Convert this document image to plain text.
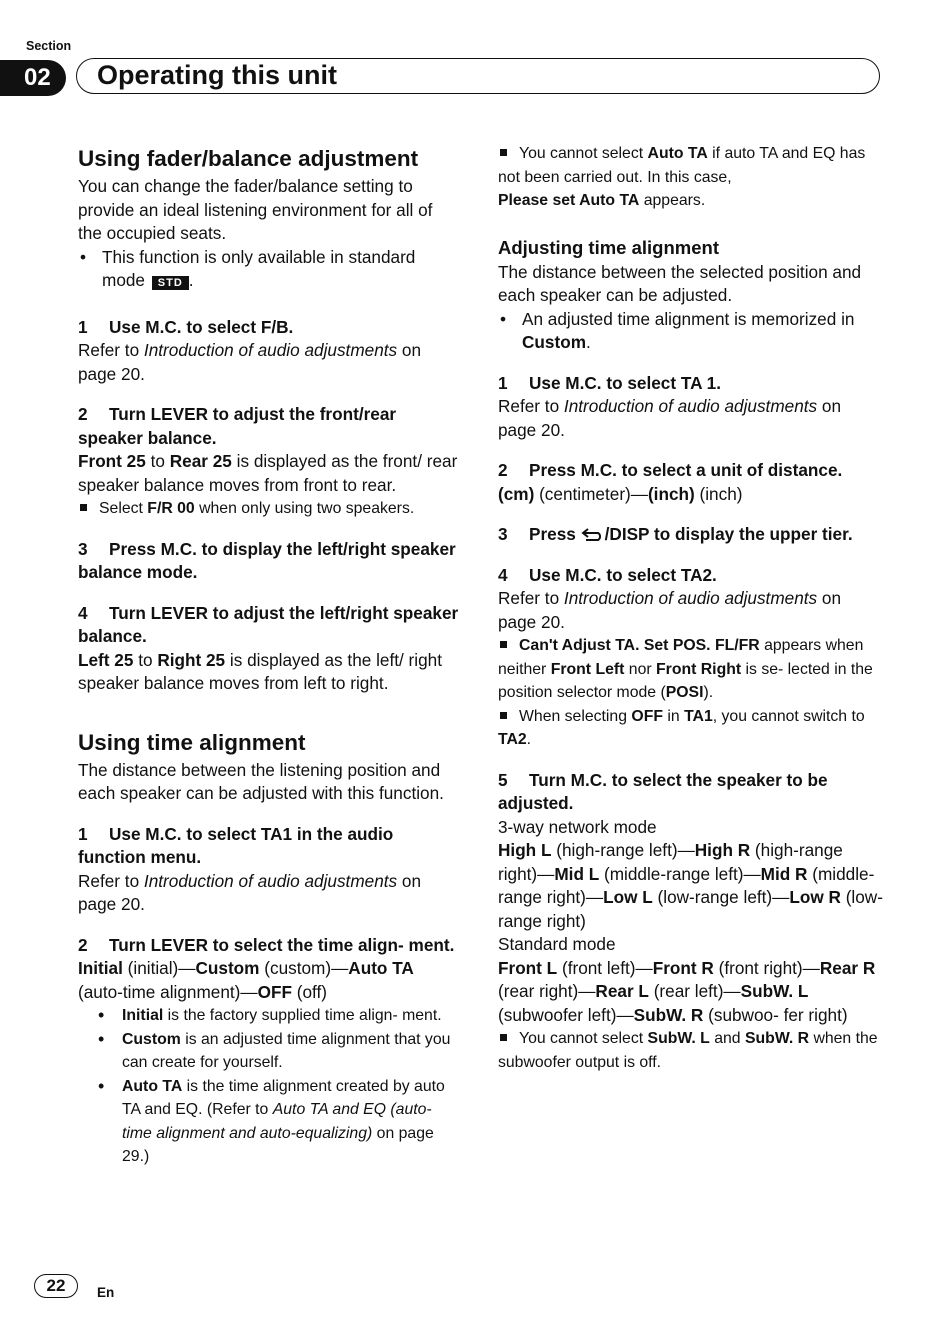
Section
02	Operating this unit
Using fader/balance adjustment

You can change the fader/balance setting to provide an ideal listening environment for all of the occupied seats.

• This function is only available in standard mode STD .

1 Use M.C. to select F/B.

Refer to Introduction of audio adjustments on page 20.

2 Turn LEVER to adjust the front/rear speaker balance.

Front 25 to Rear 25 is displayed as the front/ rear speaker balance moves from front to rear.

Select F/R 00 when only using two speakers.

3 Press M.C. to display the left/right speaker balance mode.

4 Turn LEVER to adjust the left/right speaker balance.

Left 25 to Right 25 is displayed as the left/ right speaker balance moves from left to right.

Using time alignment

The distance between the listening position and each speaker can be adjusted with this function.

1 Use M.C. to select TA1 in the audio function menu.

Refer to Introduction of audio adjustments on page 20.

2 Turn LEVER to select the time align- ment.

Initial (initial)—Custom (custom)—Auto TA (auto-time alignment)—OFF (off)

• Initial is the factory supplied time align- ment.

• Custom is an adjusted time alignment that you can create for yourself.

• Auto TA is the time alignment created by auto TA and EQ. (Refer to Auto TA and EQ (auto-time alignment and auto-equalizing) on page 29.)

You cannot select Auto TA if auto TA and EQ has not been carried out. In this case,
Please set Auto TA appears.

Adjusting time alignment

The distance between the selected position and each speaker can be adjusted.

• An adjusted time alignment is memorized in Custom.

1 Use M.C. to select TA 1.

Refer to Introduction of audio adjustments on page 20.

2 Press M.C. to select a unit of distance.

(cm) (centimeter)—(inch) (inch)

3 Press /DISP to display the upper tier.

4 Use M.C. to select TA2.

Refer to Introduction of audio adjustments on page 20.

Can't Adjust TA. Set POS. FL/FR appears when neither Front Left nor Front Right is se- lected in the position selector mode (POSI).

When selecting OFF in TA1, you cannot switch to TA2.

5 Turn M.C. to select the speaker to be adjusted.

3-way network mode

High L (high-range left)—High R (high-range right)—Mid L (middle-range left)—Mid R (middle-range right)—Low L (low-range left)—Low R (low-range right)

Standard mode

Front L (front left)—Front R (front right)—Rear R (rear right)—Rear L (rear left)—SubW. L (subwoofer left)—SubW. R (subwoo- fer right)

You cannot select SubW. L and SubW. R when the subwoofer output is off.

22	En
